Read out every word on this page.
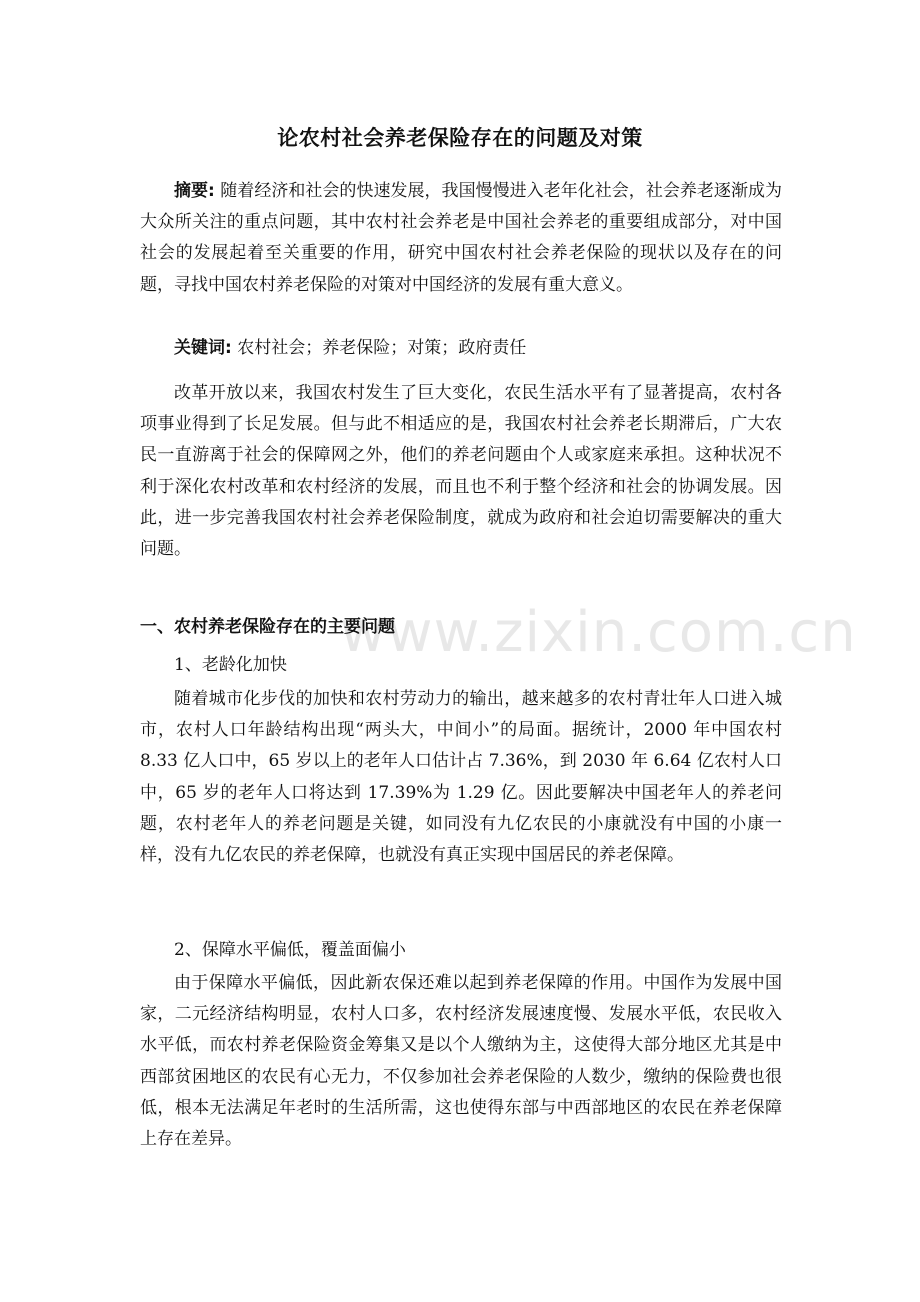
www.zixin.com.cn
论农村社会养老保险存在的问题及对策

摘要: 随着经济和社会的快速发展，我国慢慢进入老年化社会，社会养老逐渐成为大众所关注的重点问题，其中农村社会养老是中国社会养老的重要组成部分，对中国社会的发展起着至关重要的作用，研究中国农村社会养老保险的现状以及存在的问题，寻找中国农村养老保险的对策对中国经济的发展有重大意义。

关键词: 农村社会；养老保险；对策；政府责任

改革开放以来，我国农村发生了巨大变化，农民生活水平有了显著提高，农村各项事业得到了长足发展。但与此不相适应的是，我国农村社会养老长期滞后，广大农民一直游离于社会的保障网之外，他们的养老问题由个人或家庭来承担。这种状况不利于深化农村改革和农村经济的发展，而且也不利于整个经济和社会的协调发展。因此，进一步完善我国农村社会养老保险制度，就成为政府和社会迫切需要解决的重大问题。

一、农村养老保险存在的主要问题

1、老龄化加快

随着城市化步伐的加快和农村劳动力的输出，越来越多的农村青壮年人口进入城市，农村人口年龄结构出现“两头大，中间小”的局面。据统计，2000 年中国农村 8.33 亿人口中，65 岁以上的老年人口估计占 7.36%，到 2030 年 6.64 亿农村人口中，65 岁的老年人口将达到 17.39%为 1.29 亿。因此要解决中国老年人的养老问题，农村老年人的养老问题是关键，如同没有九亿农民的小康就没有中国的小康一样，没有九亿农民的养老保障，也就没有真正实现中国居民的养老保障。

2、保障水平偏低，覆盖面偏小

由于保障水平偏低，因此新农保还难以起到养老保障的作用。中国作为发展中国家，二元经济结构明显，农村人口多，农村经济发展速度慢、发展水平低，农民收入水平低，而农村养老保险资金筹集又是以个人缴纳为主，这使得大部分地区尤其是中西部贫困地区的农民有心无力，不仅参加社会养老保险的人数少，缴纳的保险费也很低，根本无法满足年老时的生活所需，这也使得东部与中西部地区的农民在养老保障上存在差异。
